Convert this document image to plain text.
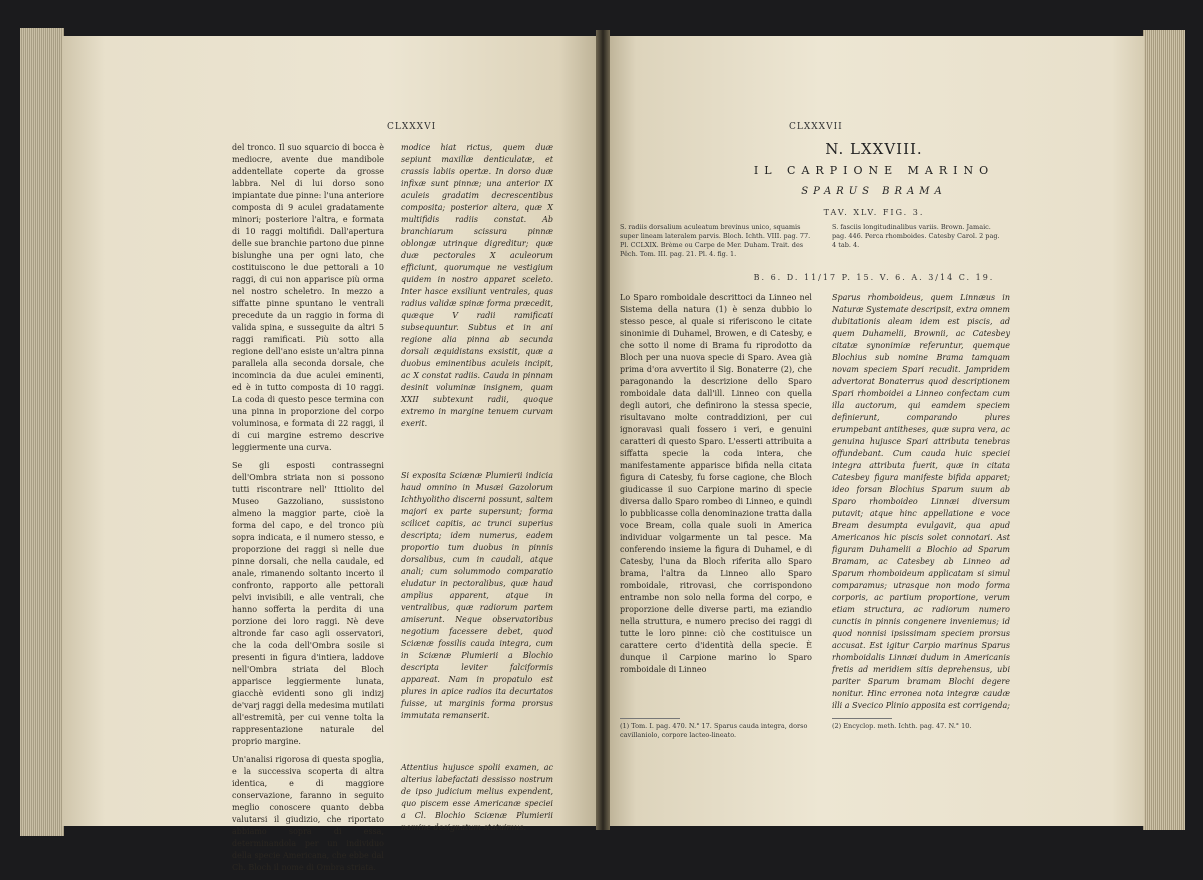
CLXXXVI

del tronco. Il suo squarcio di bocca è mediocre, avente due mandibole addentellate coperte da grosse labbra. Nel di lui dorso sono impiantate due pinne: l'una anteriore composta di 9 aculei gradatamente minori; posteriore l'altra, e formata di 10 raggi moltifidi. Dall'apertura delle sue branchie partono due pinne bislunghe una per ogni lato, che costituiscono le due pettorali a 10 raggi, di cui non apparisce più orma nel nostro scheletro. In mezzo a siffatte pinne spuntano le ventrali precedute da un raggio in forma di valida spina, e susseguite da altri 5 raggi ramificati. Più sotto alla regione dell'ano esiste un'altra pinna parallela alla seconda dorsale, che incomincia da due aculei eminenti, ed è in tutto composta di 10 raggi. La coda di questo pesce termina con una pinna in proporzione del corpo voluminosa, e formata di 22 raggi, il di cui margine estremo descrive leggiermente una curva.

Se gli esposti contrassegni dell'Ombra striata non si possono tutti riscontrare nell' Ittiolito del Museo Gazzoliano, sussistono almeno la maggior parte, cioè la forma del capo, e del tronco più sopra indicata, e il numero stesso, e proporzione dei raggi sì nelle due pinne dorsali, che nella caudale, ed anale, rimanendo soltanto incerto il confronto, rapporto alle pettorali pelvi invisibili, e alle ventrali, che hanno sofferta la perdita di una porzione dei loro raggi. Nè deve altronde far caso agli osservatori, che la coda dell'Ombra sosile si presenti in figura d'intiera, laddove nell'Ombra striata del Bloch apparisce leggiermente lunata, giacchè evidenti sono gli indizj de'varj raggi della medesima mutilati all'estremità, per cui venne tolta la rappresentazione naturale del proprio margine.

Un'analisi rigorosa di questa spoglia, e la successiva scoperta di altra identica, e di maggiore conservazione, faranno in seguito meglio conoscere quanto debba valutarsi il giudizio, che riportato abbiamo sopra di essa, determinandola per un individuo della specie Americana, che ebbe dal Ch. Bloch il nome di Ombra striata.

modice hiat rictus, quem duæ sepiunt maxillæ denticulatæ, et crassis labiis opertæ. In dorso duæ infixæ sunt pinnæ; una anterior IX aculeis gradatim decrescentibus composita; posterior altera, quæ X multifidis radiis constat. Ab branchiarum scissura pinnæ oblongæ utrinque digreditur; quæ duæ pectorales X aculeorum efficiunt, quorumque ne vestigium quidem in nostro apparet sceleto. Inter hasce exsiliunt ventrales, quas radius validæ spinæ forma præcedit, quæque V radii ramificati subsequuntur. Subtus et in ani regione alia pinna ab secunda dorsali æquidistans exsistit, quæ a duobus eminentibus aculeis incipit, ac X constat radiis. Cauda in pinnam desinit voluminæ insignem, quam XXII subtexunt radii, quoque extremo in margine tenuem curvam exerit.

Si exposita Sciænæ Plumierii indicia haud omnino in Musæi Gazolorum Ichthyolitho discerni possunt, saltem majori ex parte supersunt; forma scilicet capitis, ac trunci superius descripta; idem numerus, eadem proportio tum duobus in pinnis dorsalibus, cum in caudali, atque anali; cum solummodo comparatio eludatur in pectoralibus, quæ haud amplius apparent, atque in ventralibus, quæ radiorum partem amiserunt. Neque observatoribus negotium facessere debet, quod Sciænæ fossilis cauda integra, cum in Sciænæ Plumierii a Blochio descripta leviter falciformis appareat. Nam in propatulo est plures in apice radios ita decurtatos fuisse, ut marginis forma prorsus immutata remanserit.

Attentius hujusce spolii examen, ac alterius labefactati dessisso nostrum de ipso judicium melius expendent, quo piscem esse Americanæ speciei a Cl. Blochio Sciænæ Plumierii nomine designatum statuimus.

CLXXXVII
N. LXXVIII.
IL CARPIONE MARINO
SPARUS BRAMA
TAV. XLV. FIG. 3.
S. radiis dorsalium aculeatum brevinus unico, squamis super lineam lateralem parvis. Bloch. Ichth. VIII. pag. 77. Pl. CCLXIX. Brème ou Carpe de Mer. Duham. Trait. des Pêch. Tom. III. pag. 21. Pl. 4. fig. 1.
S. fasciis longitudinalibus variis. Brown. Jamaic. pag. 446. Perca rhomboides. Catesby Carol. 2 pag. 4 tab. 4.
B. 6. D. 11/17 P. 15. V. 6. A. 3/14 C. 19.

Lo Sparo romboidale descrittoci da Linneo nel Sistema della natura (1) è senza dubbio lo stesso pesce, al quale si riferiscono le citate sinonimie di Duhamel, Browen, e di Catesby, e che sotto il nome di Brama fu riprodotto da Bloch per una nuova specie di Sparo. Avea già prima d'ora avvertito il Sig. Bonaterre (2), che paragonando la descrizione dello Sparo romboidale data dall'ill. Linneo con quella degli autori, che definirono la stessa specie, risultavano molte contraddizioni, per cui ignoravasi quali fossero i veri, e genuini caratteri di questo Sparo. L'esserti attribuita a siffatta specie la coda intera, che manifestamente apparisce bifida nella citata figura di Catesby, fu forse cagione, che Bloch giudicasse il suo Carpione marino di specie diversa dallo Sparo rombeo di Linneo, e quindi lo pubblicasse colla denominazione tratta dalla voce Bream, colla quale suoli in America individuar volgarmente un tal pesce. Ma conferendo insieme la figura di Duhamel, e di Catesby, l'una da Bloch riferita allo Sparo brama, l'altra da Linneo allo Sparo romboidale, ritrovasi, che corrispondono entrambe non solo nella forma del corpo, e proporzione delle diverse parti, ma eziandio nella struttura, e numero preciso dei raggi di tutte le loro pinne: ciò che costituisce un carattere certo d'identità della specie. È dunque il Carpione marino lo Sparo romboidale di Linneo

Sparus rhomboideus, quem Linnæus in Naturæ Systemate descripsit, extra omnem dubitationis aleam idem est piscis, ad quem Duhamelii, Brownii, ac Catesbey citatæ synonimiæ referuntur, quemque Blochius sub nomine Brama tamquam novam speciem Spari recudit. Jampridem advertorat Bonaterrus quod descriptionem Spari rhomboidei a Linneo confectam cum illa auctorum, qui eamdem speciem definierunt, comparando plures erumpebant antitheses, quæ supra vera, ac genuina hujusce Spari attributa tenebras offundebant. Cum cauda huic speciei integra attributa fuerit, quæ in citata Catesbey figura manifeste bifida apparet; ideo forsan Blochius Sparum suum ab Sparo rhomboideo Linnæi diversum putavit; atque hinc appellatione e voce Bream desumpta evulgavit, qua apud Americanos hic piscis solet connotari. Ast figuram Duhamelii a Blochio ad Sparum Bramam, ac Catesbey ab Linneo ad Sparum rhomboideum applicatam si simul comparamus; utrasque non modo forma corporis, ac partium proportione, verum etiam structura, ac radiorum numero cunctis in pinnis congenere inveniemus; id quod nonnisi ipsissimam speciem prorsus accusat. Est igitur Carpio marinus Sparus rhomboidalis Linnæi dudum in Americanis fretis ad meridiem sitis deprehensus, ubi pariter Sparum bramam Blochi degere nonitur. Hinc erronea nota integræ caudæ illi a Svecico Plinio apposita est corrigenda;

(1) Tom. I. pag. 470. N.° 17. Sparus cauda integra, dorso cavillaniolo, corpore lacteo-lineato.
(2) Encyclop. meth. Ichth. pag. 47. N.° 10.
